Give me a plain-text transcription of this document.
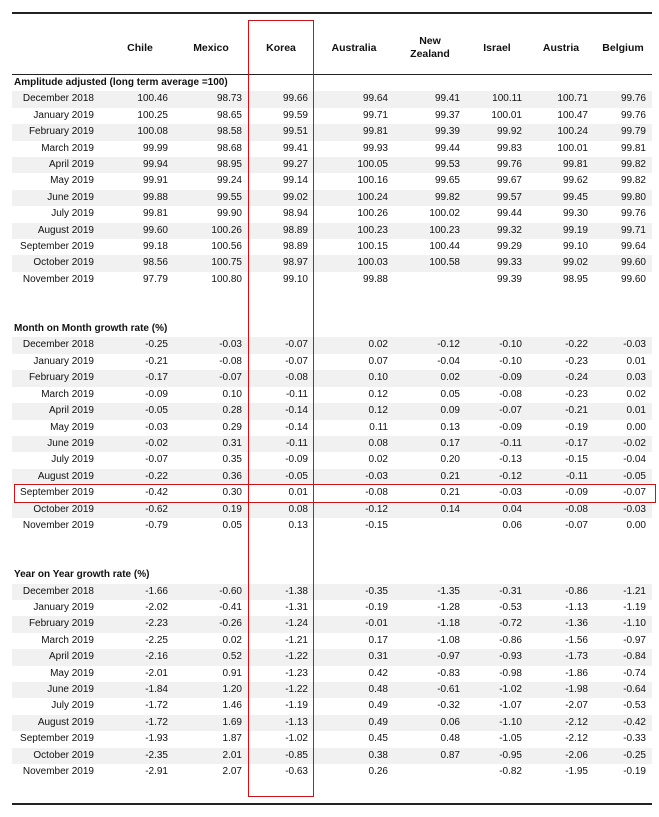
	Chile	Mexico	Korea	Australia	New Zealand	Israel	Austria	Belgium
Amplitude adjusted (long term average =100)								
December 2018	100.46	98.73	99.66	99.64	99.41	100.11	100.71	99.76
January 2019	100.25	98.65	99.59	99.71	99.37	100.01	100.47	99.76
February 2019	100.08	98.58	99.51	99.81	99.39	99.92	100.24	99.79
March 2019	99.99	98.68	99.41	99.93	99.44	99.83	100.01	99.81
April 2019	99.94	98.95	99.27	100.05	99.53	99.76	99.81	99.82
May 2019	99.91	99.24	99.14	100.16	99.65	99.67	99.62	99.82
June 2019	99.88	99.55	99.02	100.24	99.82	99.57	99.45	99.80
July 2019	99.81	99.90	98.94	100.26	100.02	99.44	99.30	99.76
August 2019	99.60	100.26	98.89	100.23	100.23	99.32	99.19	99.71
September 2019	99.18	100.56	98.89	100.15	100.44	99.29	99.10	99.64
October 2019	98.56	100.75	98.97	100.03	100.58	99.33	99.02	99.60
November 2019	97.79	100.80	99.10	99.88		99.39	98.95	99.60

Month on Month growth rate (%)								
December 2018	-0.25	-0.03	-0.07	0.02	-0.12	-0.10	-0.22	-0.03
January 2019	-0.21	-0.08	-0.07	0.07	-0.04	-0.10	-0.23	0.01
February 2019	-0.17	-0.07	-0.08	0.10	0.02	-0.09	-0.24	0.03
March 2019	-0.09	0.10	-0.11	0.12	0.05	-0.08	-0.23	0.02
April 2019	-0.05	0.28	-0.14	0.12	0.09	-0.07	-0.21	0.01
May 2019	-0.03	0.29	-0.14	0.11	0.13	-0.09	-0.19	0.00
June 2019	-0.02	0.31	-0.11	0.08	0.17	-0.11	-0.17	-0.02
July 2019	-0.07	0.35	-0.09	0.02	0.20	-0.13	-0.15	-0.04
August 2019	-0.22	0.36	-0.05	-0.03	0.21	-0.12	-0.11	-0.05
September 2019	-0.42	0.30	0.01	-0.08	0.21	-0.03	-0.09	-0.07
October 2019	-0.62	0.19	0.08	-0.12	0.14	0.04	-0.08	-0.03
November 2019	-0.79	0.05	0.13	-0.15		0.06	-0.07	0.00

Year on Year growth rate (%)								
December 2018	-1.66	-0.60	-1.38	-0.35	-1.35	-0.31	-0.86	-1.21
January 2019	-2.02	-0.41	-1.31	-0.19	-1.28	-0.53	-1.13	-1.19
February 2019	-2.23	-0.26	-1.24	-0.01	-1.18	-0.72	-1.36	-1.10
March 2019	-2.25	0.02	-1.21	0.17	-1.08	-0.86	-1.56	-0.97
April 2019	-2.16	0.52	-1.22	0.31	-0.97	-0.93	-1.73	-0.84
May 2019	-2.01	0.91	-1.23	0.42	-0.83	-0.98	-1.86	-0.74
June 2019	-1.84	1.20	-1.22	0.48	-0.61	-1.02	-1.98	-0.64
July 2019	-1.72	1.46	-1.19	0.49	-0.32	-1.07	-2.07	-0.53
August 2019	-1.72	1.69	-1.13	0.49	0.06	-1.10	-2.12	-0.42
September 2019	-1.93	1.87	-1.02	0.45	0.48	-1.05	-2.12	-0.33
October 2019	-2.35	2.01	-0.85	0.38	0.87	-0.95	-2.06	-0.25
November 2019	-2.91	2.07	-0.63	0.26		-0.82	-1.95	-0.19
